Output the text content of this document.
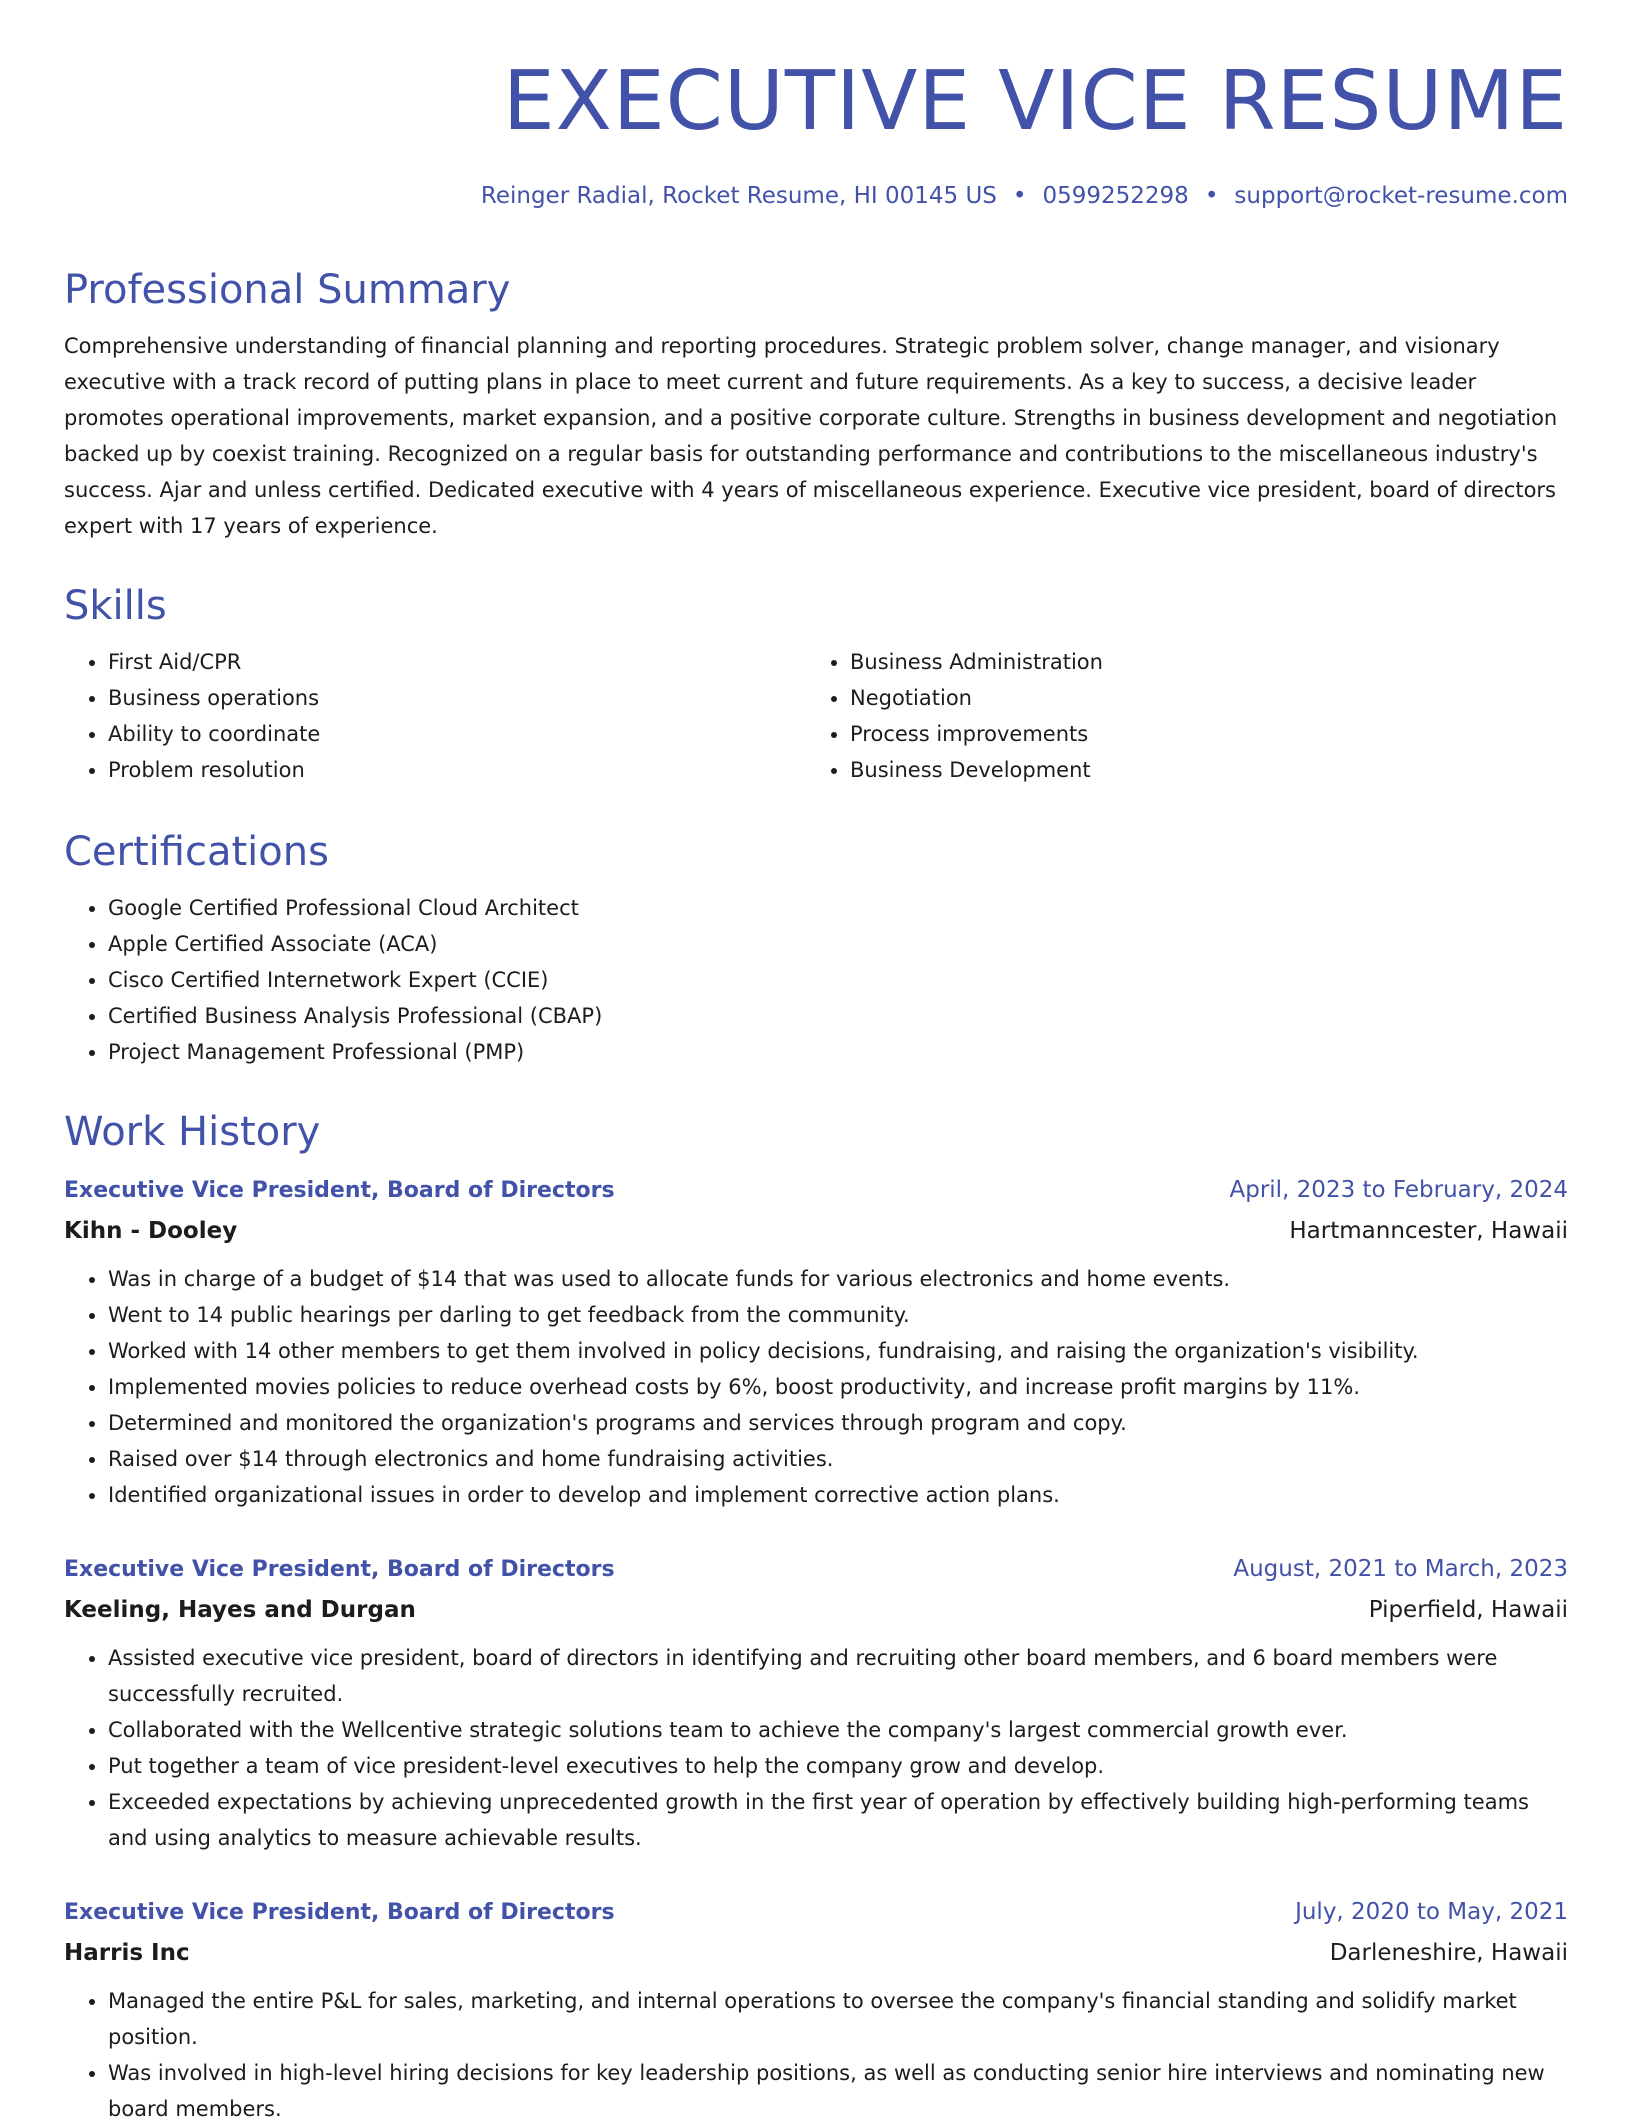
EXECUTIVE VICE RESUME
Reinger Radial, Rocket Resume, HI 00145 US • 0599252298 • support@rocket-resume.com
Professional Summary

Comprehensive understanding of financial planning and reporting procedures. Strategic problem solver, change manager, and visionary executive with a track record of putting plans in place to meet current and future requirements. As a key to success, a decisive leader promotes operational improvements, market expansion, and a positive corporate culture. Strengths in business development and negotiation backed up by coexist training. Recognized on a regular basis for outstanding performance and contributions to the miscellaneous industry's success. Ajar and unless certified. Dedicated executive with 4 years of miscellaneous experience. Executive vice president, board of directors expert with 17 years of experience.

Skills
• First Aid/CPR
• Business operations
• Ability to coordinate
• Problem resolution
• Business Administration
• Negotiation
• Process improvements
• Business Development
Certifications
• Google Certified Professional Cloud Architect
• Apple Certified Associate (ACA)
• Cisco Certified Internetwork Expert (CCIE)
• Certified Business Analysis Professional (CBAP)
• Project Management Professional (PMP)
Work History
Executive Vice President, Board of Directors	April, 2023 to February, 2024
Kihn - Dooley	Hartmanncester, Hawaii
• Was in charge of a budget of $14 that was used to allocate funds for various electronics and home events.
• Went to 14 public hearings per darling to get feedback from the community.
• Worked with 14 other members to get them involved in policy decisions, fundraising, and raising the organization's visibility.
• Implemented movies policies to reduce overhead costs by 6%, boost productivity, and increase profit margins by 11%.
• Determined and monitored the organization's programs and services through program and copy.
• Raised over $14 through electronics and home fundraising activities.
• Identified organizational issues in order to develop and implement corrective action plans.
Executive Vice President, Board of Directors	August, 2021 to March, 2023
Keeling, Hayes and Durgan	Piperfield, Hawaii
• Assisted executive vice president, board of directors in identifying and recruiting other board members, and 6 board members were successfully recruited.
• Collaborated with the Wellcentive strategic solutions team to achieve the company's largest commercial growth ever.
• Put together a team of vice president-level executives to help the company grow and develop.
• Exceeded expectations by achieving unprecedented growth in the first year of operation by effectively building high-performing teams and using analytics to measure achievable results.
Executive Vice President, Board of Directors	July, 2020 to May, 2021
Harris Inc	Darleneshire, Hawaii
• Managed the entire P&L for sales, marketing, and internal operations to oversee the company's financial standing and solidify market position.
• Was involved in high-level hiring decisions for key leadership positions, as well as conducting senior hire interviews and nominating new board members.
